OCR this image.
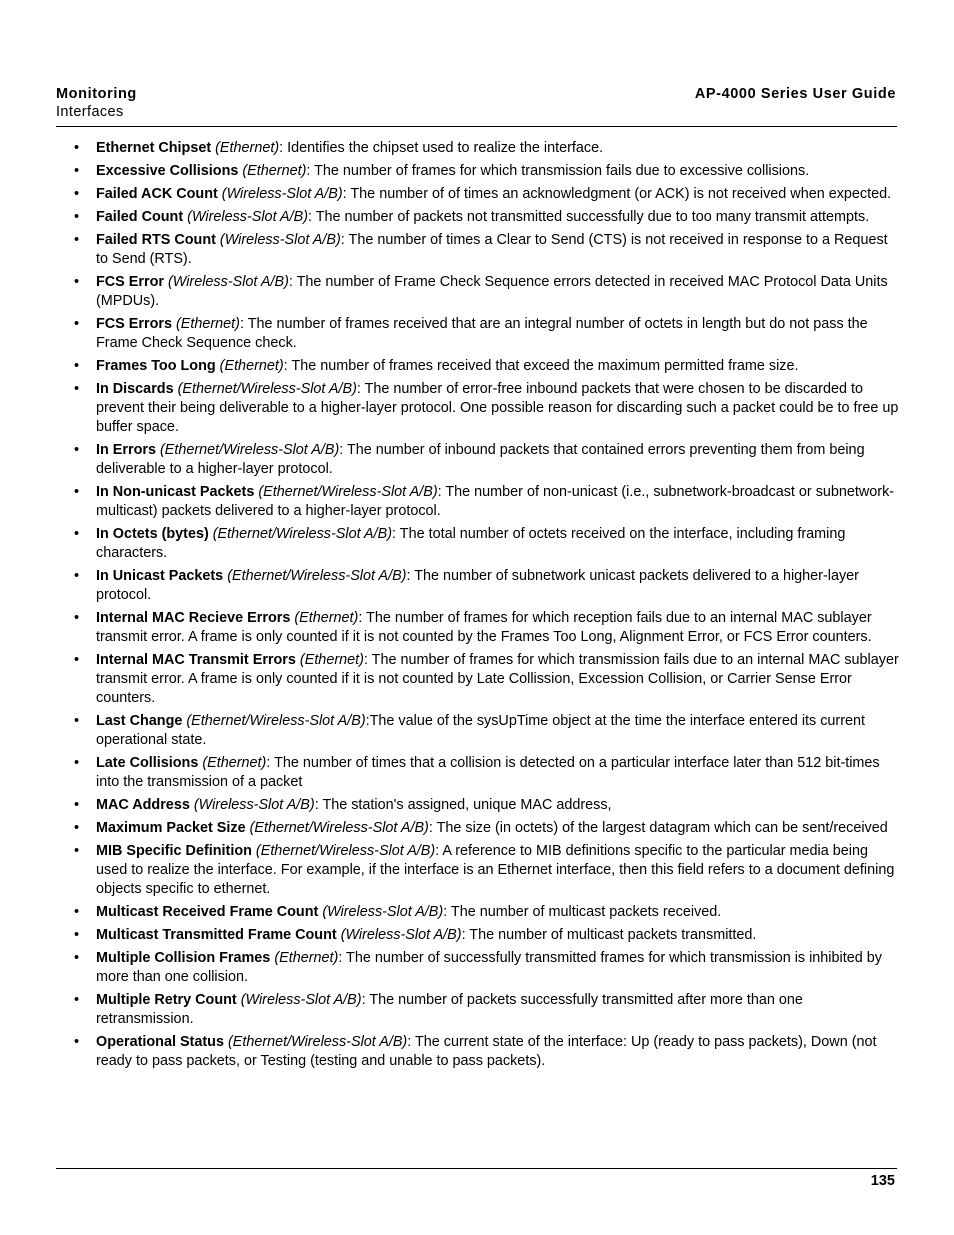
Monitoring
Interfaces
AP-4000 Series User Guide
• Ethernet Chipset (Ethernet): Identifies the chipset used to realize the interface.
• Excessive Collisions (Ethernet): The number of frames for which transmission fails due to excessive collisions.
• Failed ACK Count (Wireless-Slot A/B): The number of of times an acknowledgment (or ACK) is not received when expected.
• Failed Count (Wireless-Slot A/B): The number of packets not transmitted successfully due to too many transmit attempts.
• Failed RTS Count (Wireless-Slot A/B): The number of times a Clear to Send (CTS) is not received in response to a Request to Send (RTS).
• FCS Error (Wireless-Slot A/B): The number of Frame Check Sequence errors detected in received MAC Protocol Data Units (MPDUs).
• FCS Errors (Ethernet): The number of frames received that are an integral number of octets in length but do not pass the Frame Check Sequence check.
• Frames Too Long (Ethernet): The number of frames received that exceed the maximum permitted frame size.
• In Discards (Ethernet/Wireless-Slot A/B): The number of error-free inbound packets that were chosen to be discarded to prevent their being deliverable to a higher-layer protocol. One possible reason for discarding such a packet could be to free up buffer space.
• In Errors (Ethernet/Wireless-Slot A/B): The number of inbound packets that contained errors preventing them from being deliverable to a higher-layer protocol.
• In Non-unicast Packets (Ethernet/Wireless-Slot A/B): The number of non-unicast (i.e., subnetwork-broadcast or subnetwork-multicast) packets delivered to a higher-layer protocol.
• In Octets (bytes) (Ethernet/Wireless-Slot A/B): The total number of octets received on the interface, including framing characters.
• In Unicast Packets (Ethernet/Wireless-Slot A/B): The number of subnetwork unicast packets delivered to a higher-layer protocol.
• Internal MAC Recieve Errors (Ethernet): The number of frames for which reception fails due to an internal MAC sublayer transmit error. A frame is only counted if it is not counted by the Frames Too Long, Alignment Error, or FCS Error counters.
• Internal MAC Transmit Errors (Ethernet): The number of frames for which transmission fails due to an internal MAC sublayer transmit error. A frame is only counted if it is not counted by Late Collission, Excession Collision, or Carrier Sense Error counters.
• Last Change (Ethernet/Wireless-Slot A/B):The value of the sysUpTime object at the time the interface entered its current operational state.
• Late Collisions (Ethernet): The number of times that a collision is detected on a particular interface later than 512 bit-times into the transmission of a packet
• MAC Address (Wireless-Slot A/B): The station's assigned, unique MAC address,
• Maximum Packet Size (Ethernet/Wireless-Slot A/B): The size (in octets) of the largest datagram which can be sent/received
• MIB Specific Definition (Ethernet/Wireless-Slot A/B): A reference to MIB definitions specific to the particular media being used to realize the interface. For example, if the interface is an Ethernet interface, then this field refers to a document defining objects specific to ethernet.
• Multicast Received Frame Count (Wireless-Slot A/B): The number of multicast packets received.
• Multicast Transmitted Frame Count (Wireless-Slot A/B): The number of multicast packets transmitted.
• Multiple Collision Frames (Ethernet): The number of successfully transmitted frames for which transmission is inhibited by more than one collision.
• Multiple Retry Count (Wireless-Slot A/B): The number of packets successfully transmitted after more than one retransmission.
• Operational Status (Ethernet/Wireless-Slot A/B): The current state of the interface: Up (ready to pass packets), Down (not ready to pass packets, or Testing (testing and unable to pass packets).
135
